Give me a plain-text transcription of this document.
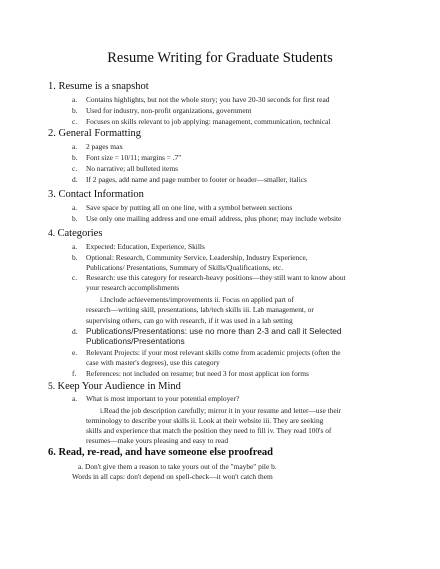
Resume Writing for Graduate Students
1. Resume is a snapshot
a. Contains highlights, but not the whole story; you have 20-30 seconds for first read
b. Used for industry, non-profit organizations, government
c. Focuses on skills relevant to job applying: management, communication, technical
2. General Formatting
a. 2 pages max
b. Font size = 10/11; margins = .7"
c. No narrative; all bulleted items
d. If 2 pages, add name and page number to footer or header—smaller, italics
3. Contact Information
a. Save space by putting all on one line, with a symbol between sections
b. Use only one mailing address and one email address, plus phone; may include website
4. Categories
a. Expected: Education, Experience, Skills
b. Optional: Research, Community Service, Leadership, Industry Experience,
Publications/ Presentations, Summary of Skills/Qualifications, etc.
c. Research: use this category for research-heavy positions—they still want to know about
your research accomplishments
i.Include achievements/improvements ii. Focus on applied part of
research—writing skill, presentations, lab/tech skills iii. Lab management, or
supervising others, can go with research, if it was used in a lab setting
d. Publications/Presentations: use no more than 2-3 and call it Selected
Publications/Presentations
e. Relevant Projects: if your most relevant skills come from academic projects (often the
case with master's degrees), use this category
f. References: not included on resume; but need 3 for most applicat ion forms
5. Keep Your Audience in Mind
a. What is most important to your potential employer?
i.Read the job description carefully; mirror it in your resume and letter—use their
terminology to describe your skills ii. Look at their website iii. They are seeking
skills and experience that match the position they need to fill iv. They read 100's of
resumes—make yours pleasing and easy to read
6. Read, re-read, and have someone else proofread
a. Don't give them a reason to take yours out of the "maybe" pile b.
Words in all caps: don't depend on spell-check—it won't catch them
